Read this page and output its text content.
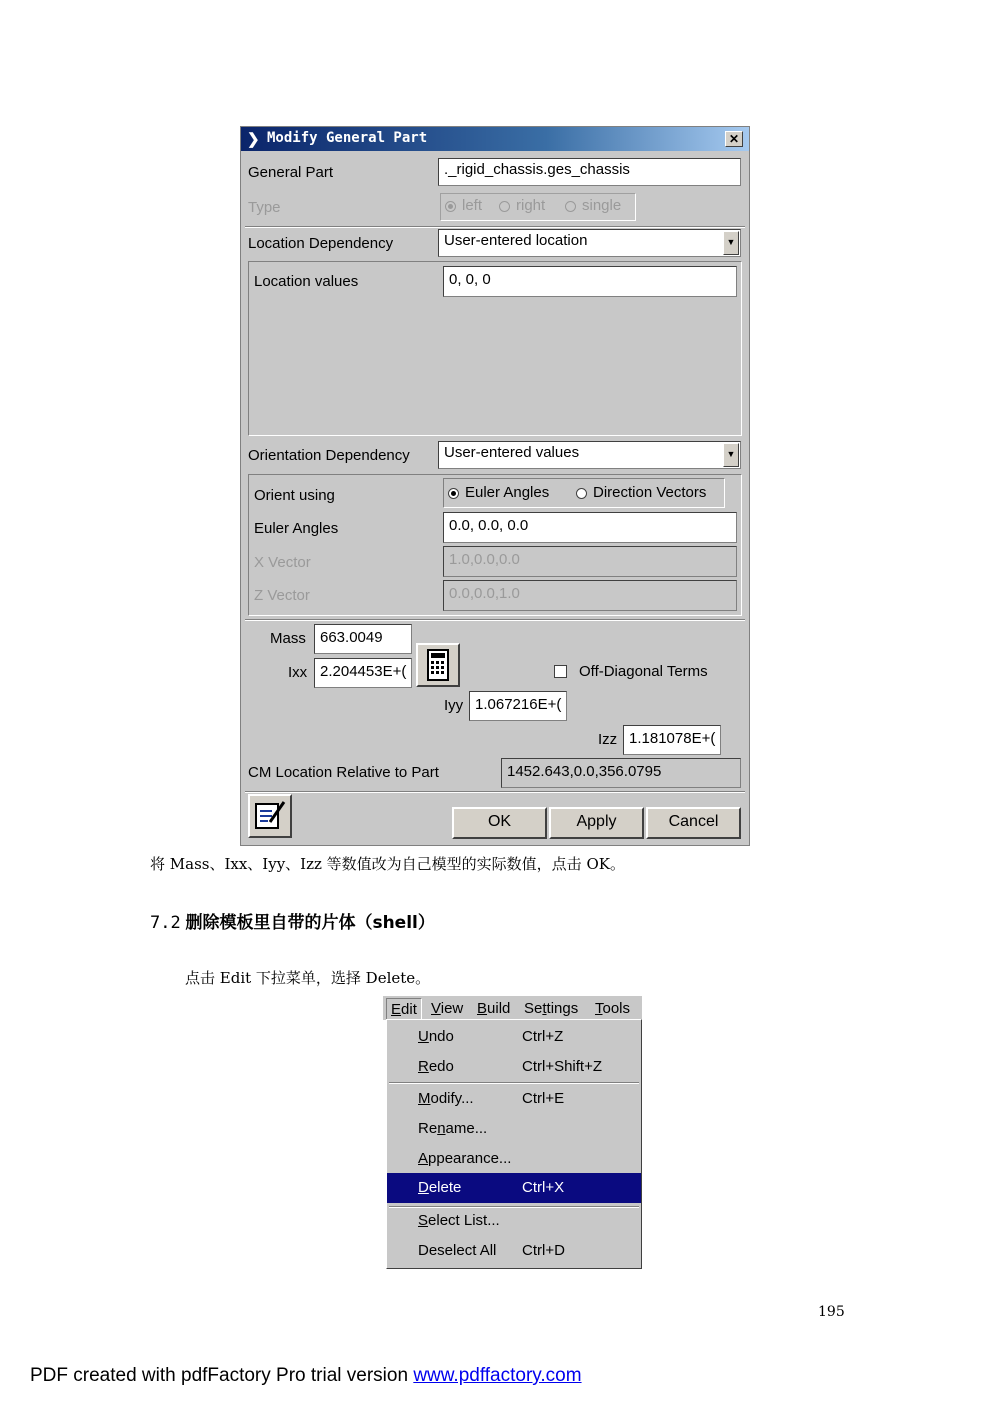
❯ Modify General Part	✕
General Part	._rigid_chassis.ges_chassis
Type	left	right	single
Location Dependency	User-entered location	▼
Location values	0, 0, 0
Orientation Dependency	User-entered values	▼
Orient using	Euler Angles	Direction Vectors
Euler Angles	0.0, 0.0, 0.0
X Vector	1.0,0.0,0.0
Z Vector	0.0,0.0,1.0
Mass 663.0049
Ixx 2.204453E+(	Off-Diagonal Terms
Iyy 1.067216E+(
Izz 1.181078E+(
CM Location Relative to Part	1452.643,0.0,356.0795
OK	Apply	Cancel
将 Mass、Ixx、Iyy、Izz 等数值改为自己模型的实际数值，点击 OK。
7.2 删除模板里自带的片体（shell）
点击 Edit 下拉菜单，选择 Delete。
Edit View Build Settings Tools
Undo	Ctrl+Z
Redo	Ctrl+Shift+Z
Modify...	Ctrl+E
Rename...
Appearance...
Delete	Ctrl+X
Select List...
Deselect All Ctrl+D
195
PDF created with pdfFactory Pro trial version www.pdffactory.com
